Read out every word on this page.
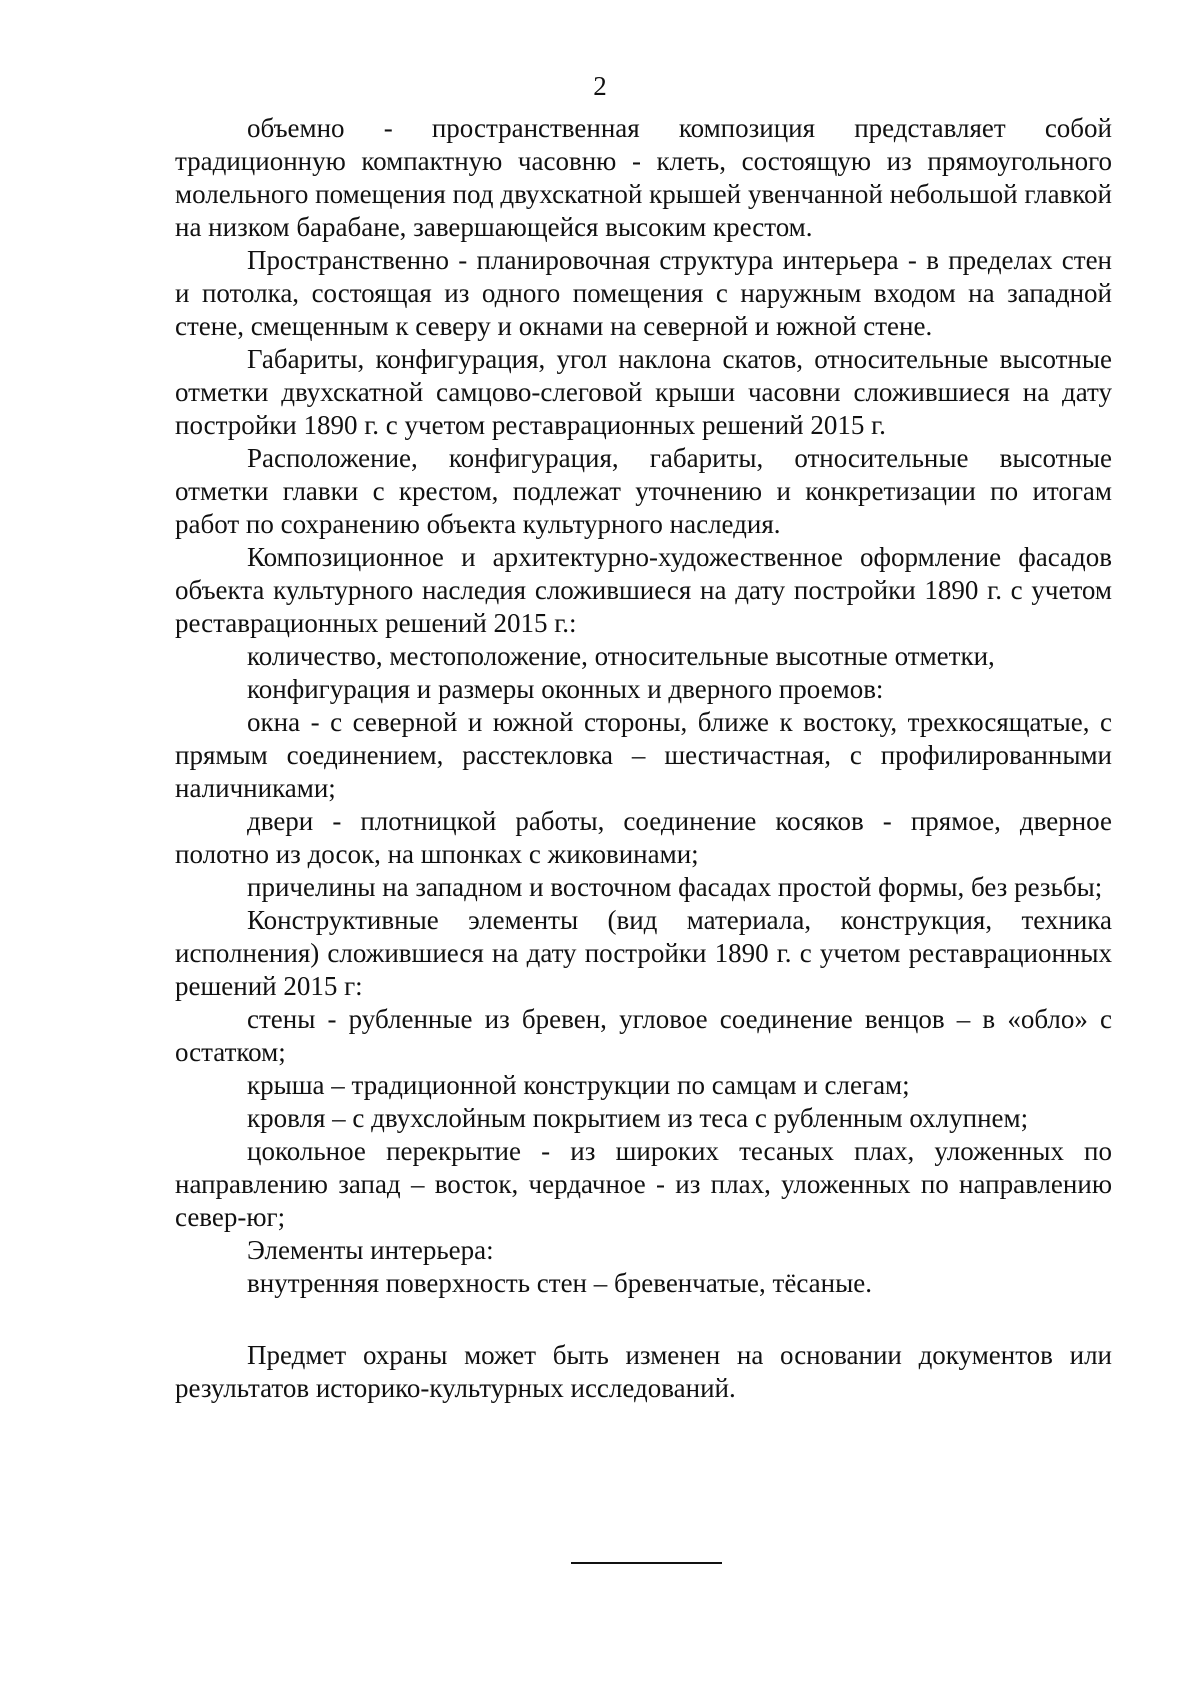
2

объемно - пространственная композиция представляет собой традиционную компактную часовню - клеть, состоящую из прямоугольного молельного помещения под двухскатной крышей увенчанной небольшой главкой на низком барабане, завершающейся высоким крестом.

Пространственно - планировочная структура интерьера - в пределах стен и потолка, состоящая из одного помещения с наружным входом на западной стене, смещенным к северу и окнами на северной и южной стене.

Габариты, конфигурация, угол наклона скатов, относительные высотные отметки двухскатной самцово-слеговой крыши часовни сложившиеся на дату постройки 1890 г. с учетом реставрационных решений 2015 г.

Расположение, конфигурация, габариты, относительные высотные отметки главки с крестом, подлежат уточнению и конкретизации по итогам работ по сохранению объекта культурного наследия.

Композиционное и архитектурно-художественное оформление фасадов объекта культурного наследия сложившиеся на дату постройки 1890 г. с учетом реставрационных решений 2015 г.:

количество, местоположение, относительные высотные отметки,

конфигурация и размеры оконных и дверного проемов:

окна - с северной и южной стороны, ближе к востоку, трехкосящатые, с прямым соединением, расстекловка – шестичастная, с профилированными наличниками;

двери - плотницкой работы, соединение косяков - прямое, дверное полотно из досок, на шпонках с жиковинами;

причелины на западном и восточном фасадах простой формы, без резьбы;

Конструктивные элементы (вид материала, конструкция, техника исполнения) сложившиеся на дату постройки 1890 г. с учетом реставрационных решений 2015 г:

стены - рубленные из бревен, угловое соединение венцов – в «обло» с остатком;

крыша – традиционной конструкции по самцам и слегам;

кровля – с двухслойным покрытием из теса с рубленным охлупнем;

цокольное перекрытие - из широких тесаных плах, уложенных по направлению запад – восток, чердачное - из плах, уложенных по направлению север-юг;

Элементы интерьера:

внутренняя поверхность стен – бревенчатые, тёсаные.

Предмет охраны может быть изменен на основании документов или результатов историко-культурных исследований.
